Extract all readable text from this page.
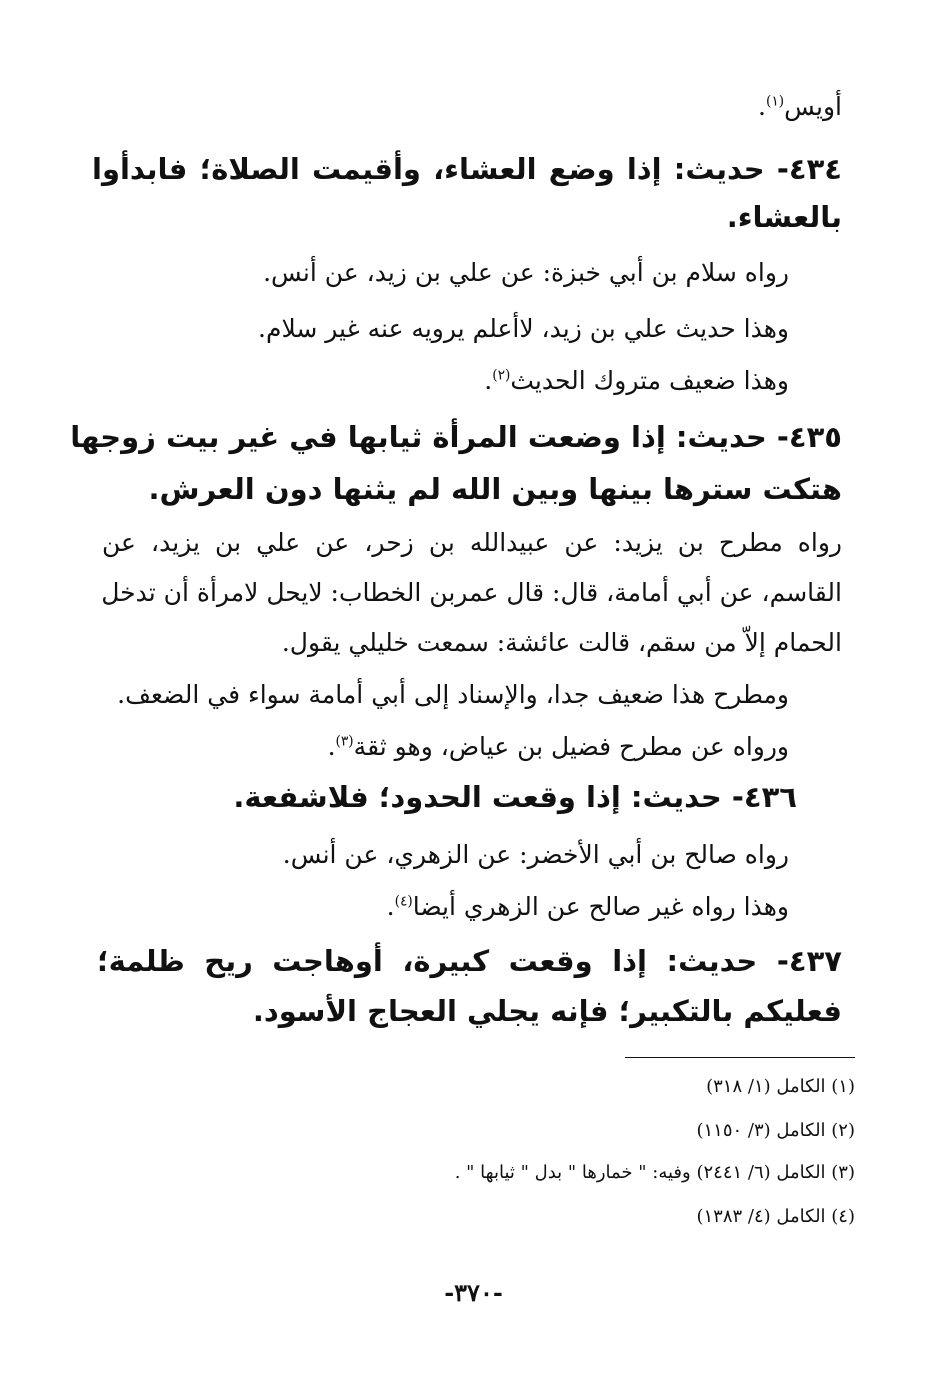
أويس$^{(١)}$.
٤٣٤- حديث: إذا وضع العشاء، وأقيمت الصلاة؛ فابدأوا
بالعشاء.
رواه سلام بن أبي خبزة: عن علي بن زيد، عن أنس.
وهذا حديث علي بن زيد، لاأعلم يرويه عنه غير سلام.
وهذا ضعيف متروك الحديث$^{(٢)}$.
٤٣٥- حديث: إذا وضعت المرأة ثيابها في غير بيت زوجها
هتكت سترها بينها وبين الله لم يثنها دون العرش.
رواه مطرح بن يزيد: عن عبيدالله بن زحر، عن علي بن يزيد، عن
القاسم، عن أبي أمامة، قال: قال عمربن الخطاب: لايحل لامرأة أن تدخل
الحمام إلاّ من سقم، قالت عائشة: سمعت خليلي يقول.
ومطرح هذا ضعيف جدا، والإسناد إلى أبي أمامة سواء في الضعف.
ورواه عن مطرح فضيل بن عياض، وهو ثقة$^{(٣)}$.
٤٣٦- حديث: إذا وقعت الحدود؛ فلاشفعة.
رواه صالح بن أبي الأخضر: عن الزهري، عن أنس.
وهذا رواه غير صالح عن الزهري أيضا$^{(٤)}$.
٤٣٧- حديث: إذا وقعت كبيرة، أوهاجت ريح ظلمة؛
فعليكم بالتكبير؛ فإنه يجلي العجاج الأسود.
(١) الكامل (١/ ٣١٨)
(٢) الكامل (٣/ ١١٥٠)
(٣) الكامل (٦/ ٢٤٤١) وفيه: " خمارها " بدل " ثيابها " .
(٤) الكامل (٤/ ١٣٨٣)
-٣٧٠-
